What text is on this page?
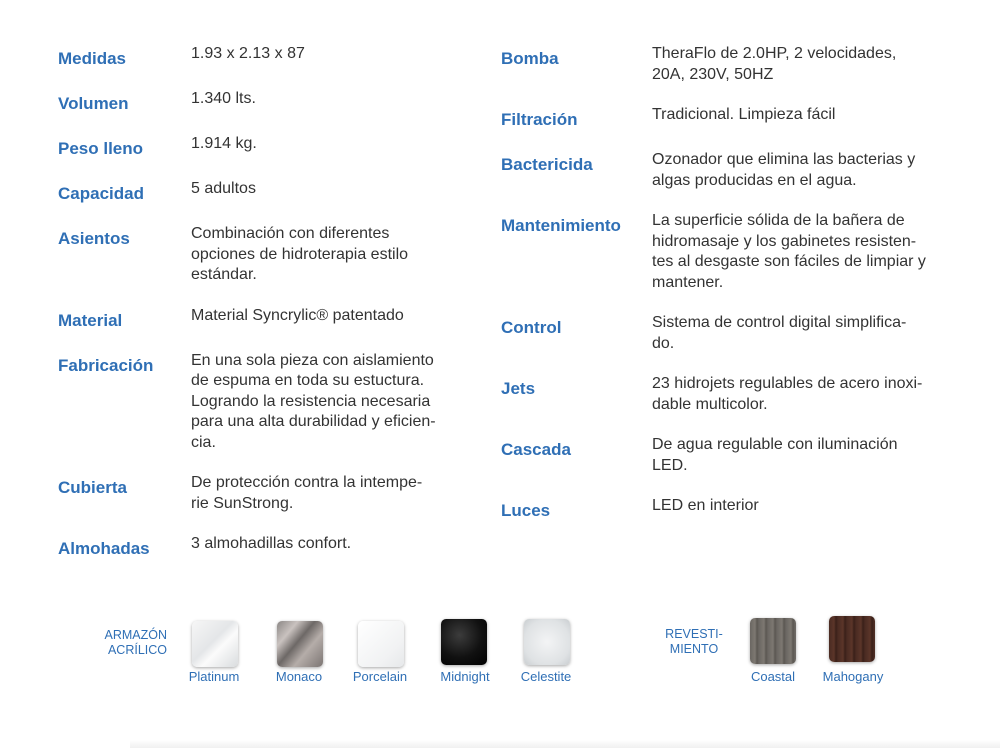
Medidas	1.93 x 2.13 x 87
Volumen	1.340 lts.
Peso lleno	1.914 kg.
Capacidad	5 adultos
Asientos	Combinación con diferentes
opciones de hidroterapia estilo
estándar.
Material	Material Syncrylic® patentado
Fabricación	En una sola pieza con aislamiento
de espuma en toda su estuctura.
Logrando la resistencia necesaria
para una alta durabilidad y eficien-
cia.
Cubierta	De protección contra la intempe-
rie SunStrong.
Almohadas	3 almohadillas confort.
Bomba	TheraFlo de 2.0HP, 2 velocidades,
20A, 230V, 50HZ
Filtración	Tradicional. Limpieza fácil
Bactericida	Ozonador que elimina las bacterias y
algas producidas en el agua.
Mantenimiento	La superficie sólida de la bañera de
hidromasaje y los gabinetes resisten-
tes al desgaste son fáciles de limpiar y
mantener.
Control	Sistema de control digital simplifica-
do.
Jets	23 hidrojets regulables de acero inoxi-
dable multicolor.
Cascada	De agua regulable con iluminación
LED.
Luces	LED en interior
ARMAZÓN
ACRÍLICO
Platinum	Monaco	Porcelain	Midnight	Celestite
REVESTI-
MIENTO
Coastal	Mahogany
